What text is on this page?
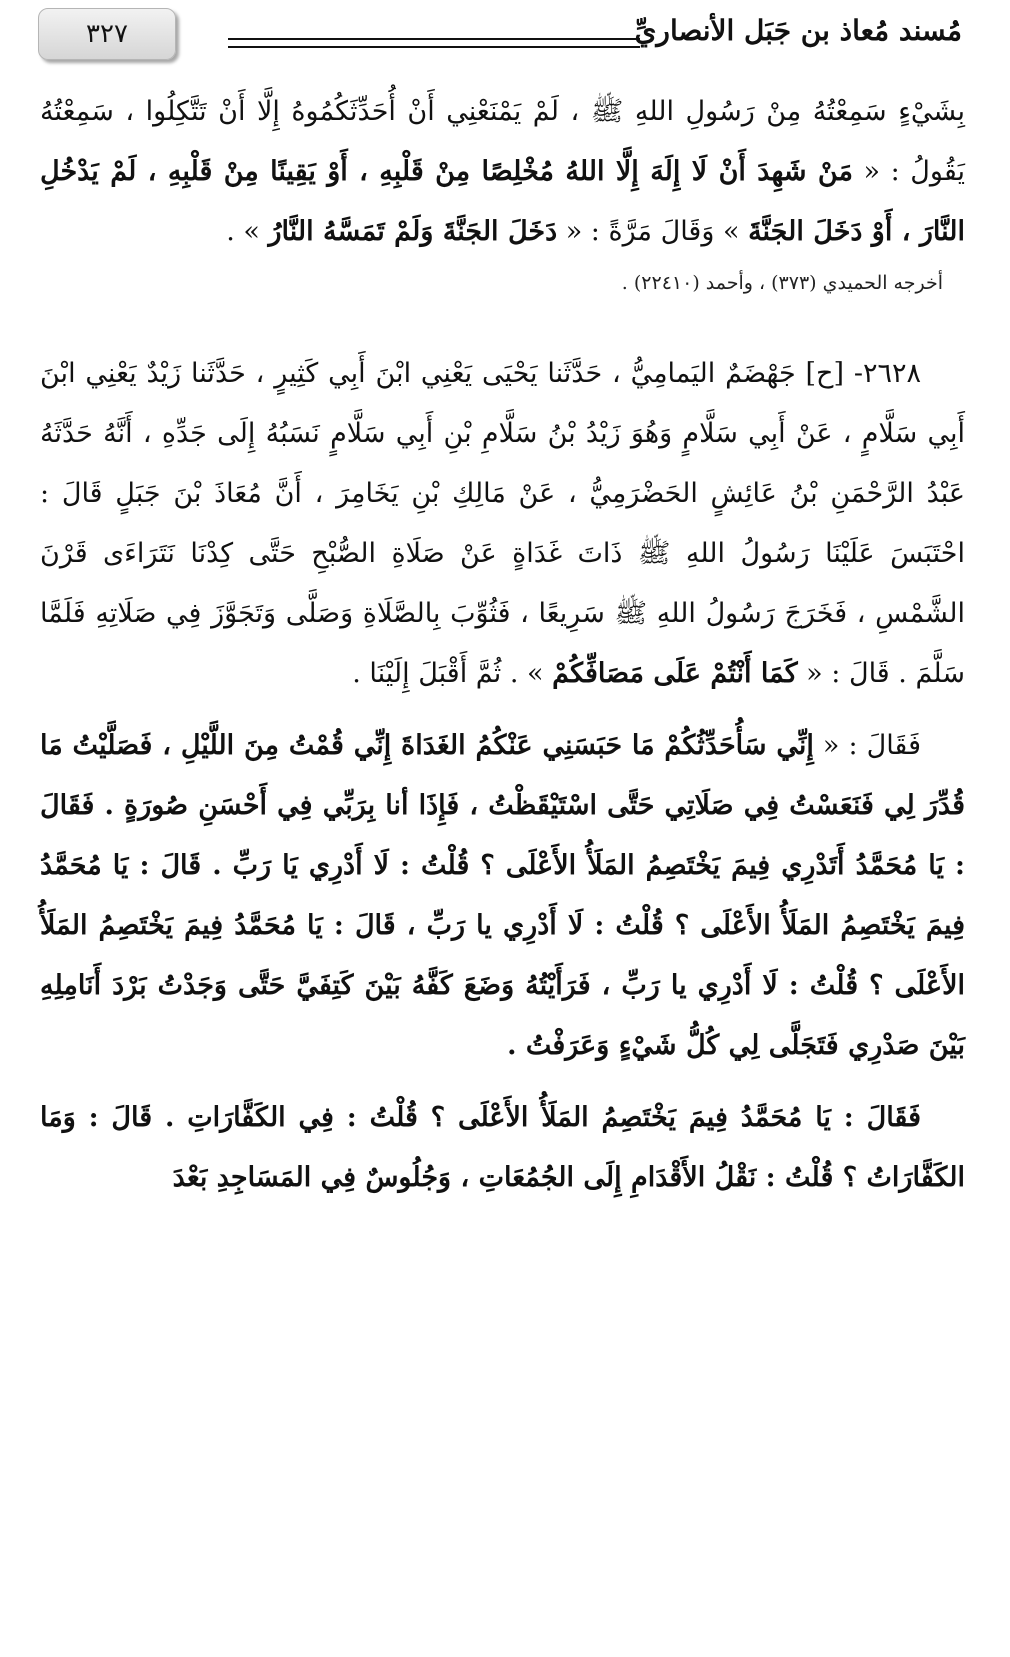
مُسند مُعاذ بن جَبَل الأنصاريِّ
٣٢٧

بِشَيْءٍ سَمِعْتُهُ مِنْ رَسُولِ اللهِ ﷺ ، لَمْ يَمْنَعْنِي أَنْ أُحَدِّثَكُمُوهُ إِلَّا أَنْ تَتَّكِلُوا ، سَمِعْتُهُ يَقُولُ : « مَنْ شَهِدَ أَنْ لَا إِلَهَ إِلَّا اللهُ مُخْلِصًا مِنْ قَلْبِهِ ، أَوْ يَقِينًا مِنْ قَلْبِهِ ، لَمْ يَدْخُلِ النَّارَ ، أَوْ دَخَلَ الجَنَّةَ » وَقَالَ مَرَّةً : « دَخَلَ الجَنَّةَ وَلَمْ تَمَسَّهُ النَّارُ » .

أخرجه الحميدي (٣٧٣) ، وأحمد (٢٢٤١٠) .

٢٦٢٨- [ح] جَهْضَمٌ اليَمامِيُّ ، حَدَّثَنا يَحْيَى يَعْنِي ابْنَ أَبِي كَثِيرٍ ، حَدَّثَنا زَيْدٌ يَعْنِي ابْنَ أَبِي سَلَّامٍ ، عَنْ أَبِي سَلَّامٍ وَهُوَ زَيْدُ بْنُ سَلَّامِ بْنِ أَبِي سَلَّامٍ نَسَبُهُ إِلَى جَدِّهِ ، أَنَّهُ حَدَّثَهُ عَبْدُ الرَّحْمَنِ بْنُ عَائِشٍ الحَضْرَمِيُّ ، عَنْ مَالِكِ بْنِ يَخَامِرَ ، أَنَّ مُعَاذَ بْنَ جَبَلٍ قَالَ : احْتَبَسَ عَلَيْنَا رَسُولُ اللهِ ﷺ ذَاتَ غَدَاةٍ عَنْ صَلَاةِ الصُّبْحِ حَتَّى كِدْنَا نَتَرَاءَى قَرْنَ الشَّمْسِ ، فَخَرَجَ رَسُولُ اللهِ ﷺ سَرِيعًا ، فَثُوِّبَ بِالصَّلَاةِ وَصَلَّى وَتَجَوَّزَ فِي صَلَاتِهِ فَلَمَّا سَلَّمَ . قَالَ : « كَمَا أَنْتُمْ عَلَى مَصَافِّكُمْ » . ثُمَّ أَقْبَلَ إِلَيْنَا .

فَقَالَ : « إِنِّي سَأُحَدِّثُكُمْ مَا حَبَسَنِي عَنْكُمُ الغَدَاةَ إِنِّي قُمْتُ مِنَ اللَّيْلِ ، فَصَلَّيْتُ مَا قُدِّرَ لِي فَنَعَسْتُ فِي صَلَاتِي حَتَّى اسْتَيْقَظْتُ ، فَإِذَا أنا بِرَبِّي فِي أَحْسَنِ صُورَةٍ . فَقَالَ : يَا مُحَمَّدُ أَتَدْرِي فِيمَ يَخْتَصِمُ المَلَأُ الأَعْلَى ؟ قُلْتُ : لَا أَدْرِي يَا رَبِّ . قَالَ : يَا مُحَمَّدُ فِيمَ يَخْتَصِمُ المَلَأُ الأَعْلَى ؟ قُلْتُ : لَا أَدْرِي يا رَبِّ ، قَالَ : يَا مُحَمَّدُ فِيمَ يَخْتَصِمُ المَلَأُ الأَعْلَى ؟ قُلْتُ : لَا أَدْرِي يا رَبِّ ، فَرَأَيْتُهُ وَضَعَ كَفَّهُ بَيْنَ كَتِفَيَّ حَتَّى وَجَدْتُ بَرْدَ أَنَامِلِهِ بَيْنَ صَدْرِي فَتَجَلَّى لِي كُلُّ شَيْءٍ وَعَرَفْتُ .

فَقَالَ : يَا مُحَمَّدُ فِيمَ يَخْتَصِمُ المَلَأُ الأَعْلَى ؟ قُلْتُ : فِي الكَفَّارَاتِ . قَالَ : وَمَا الكَفَّارَاتُ ؟ قُلْتُ : نَقْلُ الأَقْدَامِ إِلَى الجُمُعَاتِ ، وَجُلُوسٌ فِي المَسَاجِدِ بَعْدَ
